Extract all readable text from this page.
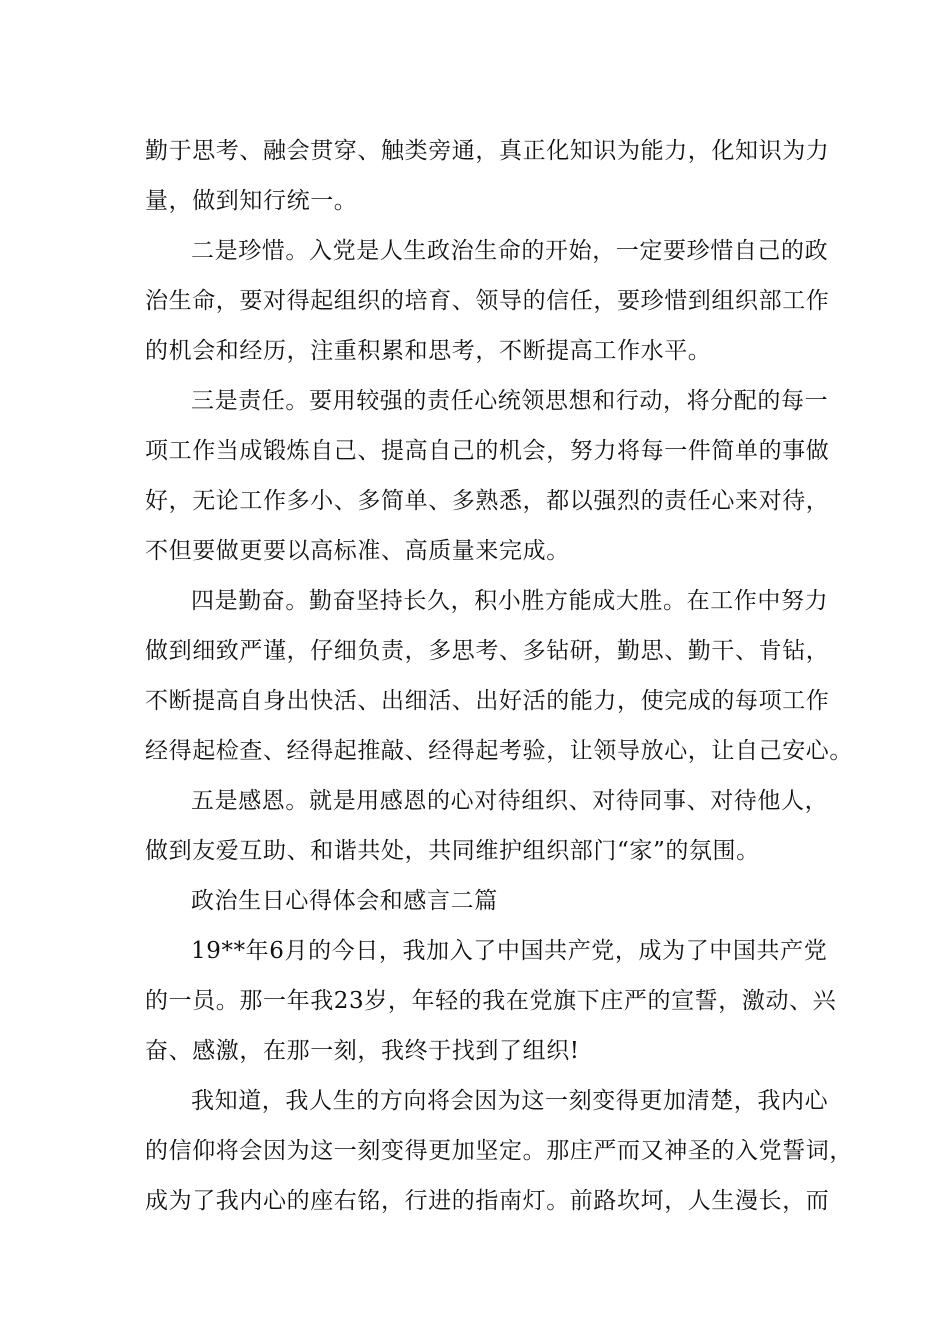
勤于思考、融会贯穿、触类旁通，真正化知识为能力，化知识为力
量，做到知行统一。
二是珍惜。入党是人生政治生命的开始，一定要珍惜自己的政
治生命，要对得起组织的培育、领导的信任，要珍惜到组织部工作
的机会和经历，注重积累和思考，不断提高工作水平。
三是责任。要用较强的责任心统领思想和行动，将分配的每一
项工作当成锻炼自己、提高自己的机会，努力将每一件简单的事做
好，无论工作多小、多简单、多熟悉，都以强烈的责任心来对待，
不但要做更要以高标准、高质量来完成。
四是勤奋。勤奋坚持长久，积小胜方能成大胜。在工作中努力
做到细致严谨，仔细负责，多思考、多钻研，勤思、勤干、肯钻，
不断提高自身出快活、出细活、出好活的能力，使完成的每项工作
经得起检查、经得起推敲、经得起考验，让领导放心，让自己安心。
五是感恩。就是用感恩的心对待组织、对待同事、对待他人，
做到友爱互助、和谐共处，共同维护组织部门“家”的氛围。
政治生日心得体会和感言二篇
19**年6月的今日，我加入了中国共产党，成为了中国共产党
的一员。那一年我23岁，年轻的我在党旗下庄严的宣誓，激动、兴
奋、感激，在那一刻，我终于找到了组织!
我知道，我人生的方向将会因为这一刻变得更加清楚，我内心
的信仰将会因为这一刻变得更加坚定。那庄严而又神圣的入党誓词，
成为了我内心的座右铭，行进的指南灯。前路坎坷，人生漫长，而
